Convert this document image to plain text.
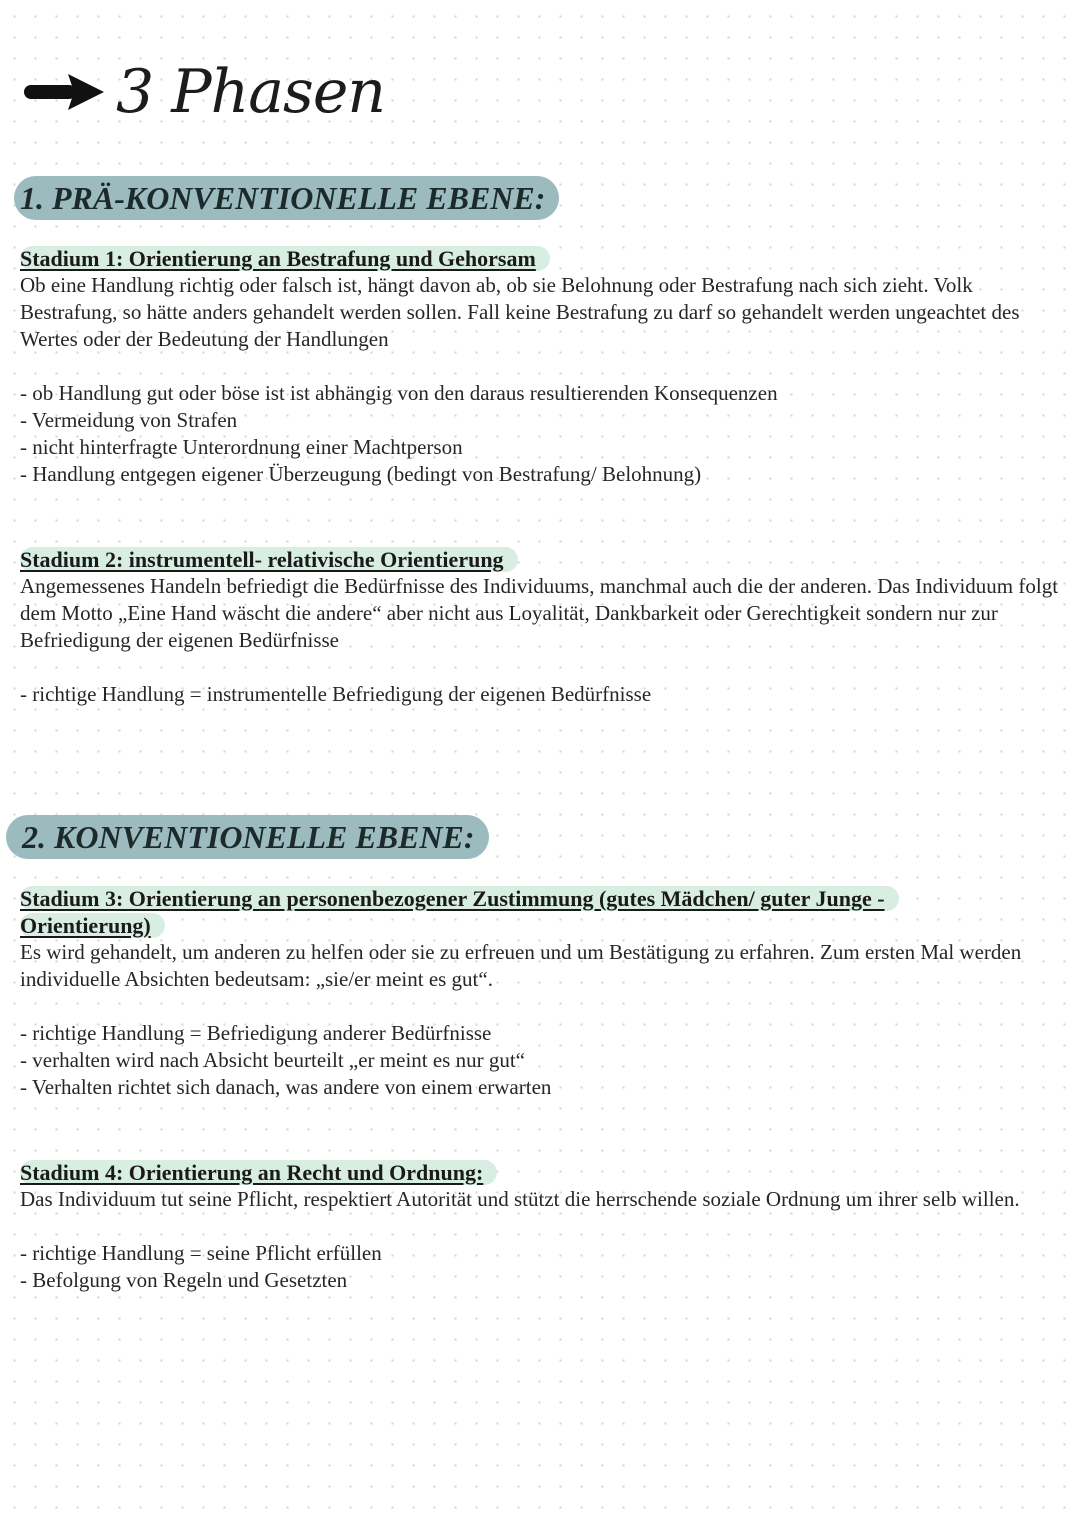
3 Phasen
1. PRÄ-KONVENTIONELLE EBENE:
Stadium 1: Orientierung an Bestrafung und Gehorsam
Ob eine Handlung richtig oder falsch ist, hängt davon ab, ob sie Belohnung oder Bestrafung nach sich zieht. Volk Bestrafung, so hätte anders gehandelt werden sollen. Fall keine Bestrafung zu darf so gehandelt werden ungeachtet des Wertes oder der Bedeutung der Handlungen
- ob Handlung gut oder böse ist ist abhängig von den daraus resultierenden Konsequenzen
- Vermeidung von Strafen
- nicht hinterfragte Unterordnung einer Machtperson
- Handlung entgegen eigener Überzeugung (bedingt von Bestrafung/ Belohnung)
Stadium 2: instrumentell- relativische Orientierung
Angemessenes Handeln befriedigt die Bedürfnisse des Individuums, manchmal auch die der anderen. Das Individuum folgt dem Motto „Eine Hand wäscht die andere“ aber nicht aus Loyalität, Dankbarkeit oder Gerechtigkeit sondern nur zur Befriedigung der eigenen Bedürfnisse
- richtige Handlung = instrumentelle Befriedigung der eigenen Bedürfnisse
2. KONVENTIONELLE EBENE:
Stadium 3: Orientierung an personenbezogener Zustimmung (gutes Mädchen/ guter Junge - Orientierung)
Es wird gehandelt, um anderen zu helfen oder sie zu erfreuen und um Bestätigung zu erfahren. Zum ersten Mal werden individuelle Absichten bedeutsam: „sie/er meint es gut“.
- richtige Handlung = Befriedigung anderer Bedürfnisse
- verhalten wird nach Absicht beurteilt „er meint es nur gut“
- Verhalten richtet sich danach, was andere von einem erwarten
Stadium 4: Orientierung an Recht und Ordnung:
Das Individuum tut seine Pflicht, respektiert Autorität und stützt die herrschende soziale Ordnung um ihrer selb willen.
- richtige Handlung = seine Pflicht erfüllen
- Befolgung von Regeln und Gesetzten
